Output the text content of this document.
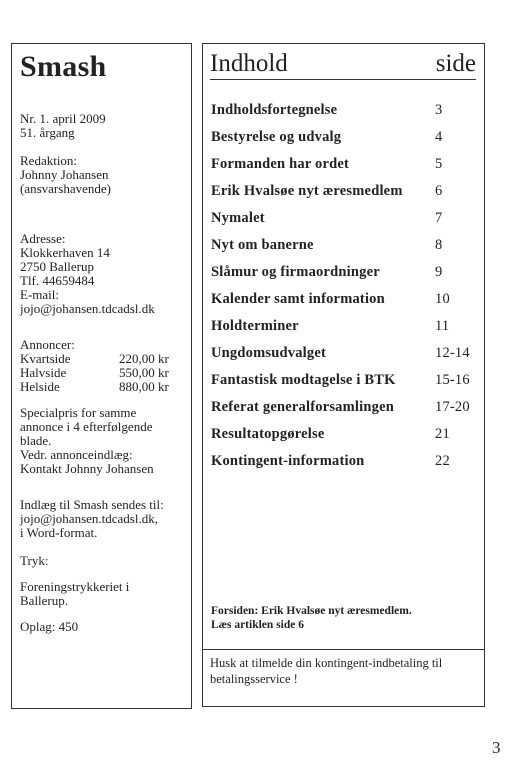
Smash
Nr. 1. april 2009
51. årgang
Redaktion:
Johnny Johansen
(ansvarshavende)
Adresse:
Klokkerhaven 14
2750 Ballerup
Tlf. 44659484
E-mail:
jojo@johansen.tdcadsl.dk
Annoncer:
Kvartside	220,00 kr
Halvside	550,00 kr
Helside	880,00 kr
Specialpris for samme
annonce i 4 efterfølgende
blade.
Vedr. annonceindlæg:
Kontakt Johnny Johansen
Indlæg til Smash sendes til:
jojo@johansen.tdcadsl.dk,
i Word-format.
Tryk:
Foreningstrykkeriet i
Ballerup.
Oplag: 450
Indhold	side
Indholdsfortegnelse	3
Bestyrelse og udvalg	4
Formanden har ordet	5
Erik Hvalsøe nyt æresmedlem 6
Nymalet	7
Nyt om banerne	8
Slåmur og firmaordninger	9
Kalender samt information	10
Holdterminer	11
Ungdomsudvalget	12-14
Fantastisk modtagelse i BTK	15-16
Referat generalforsamlingen	17-20
Resultatopgørelse	21
Kontingent-information	22
Forsiden: Erik Hvalsøe nyt æresmedlem.
Læs artiklen side 6
Husk at tilmelde din kontingent-indbetaling til betalingsservice !
3
